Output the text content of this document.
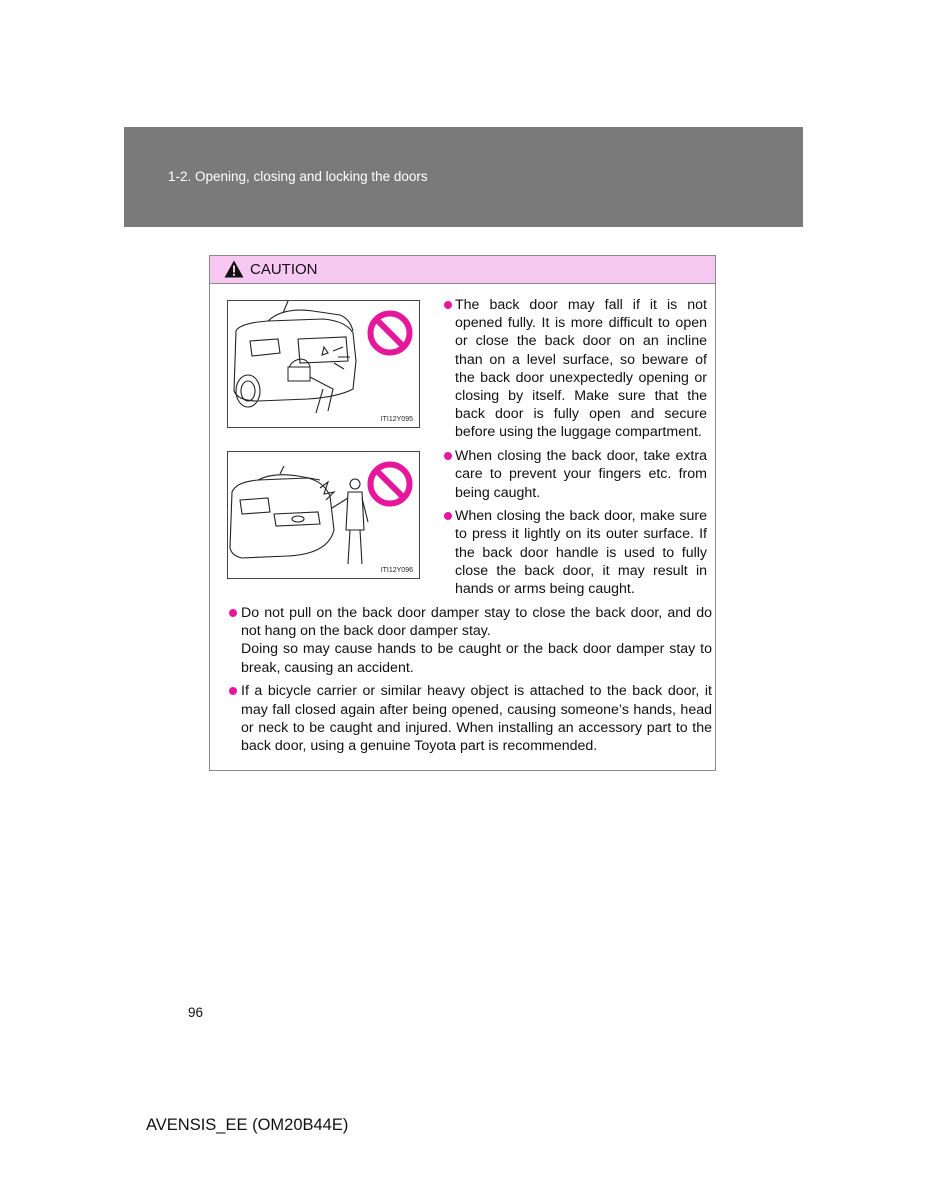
1-2. Opening, closing and locking the doors
CAUTION
ITI12Y095
ITI12Y096
The back door may fall if it is not opened fully. It is more difficult to open or close the back door on an incline than on a level surface, so beware of the back door unexpectedly opening or closing by itself. Make sure that the back door is fully open and secure before using the luggage compartment.
When closing the back door, take extra care to prevent your fingers etc. from being caught.
When closing the back door, make sure to press it lightly on its outer surface. If the back door handle is used to fully close the back door, it may result in hands or arms being caught.
Do not pull on the back door damper stay to close the back door, and do not hang on the back door damper stay.
Doing so may cause hands to be caught or the back door damper stay to break, causing an accident.
If a bicycle carrier or similar heavy object is attached to the back door, it may fall closed again after being opened, causing someone’s hands, head or neck to be caught and injured. When installing an accessory part to the back door, using a genuine Toyota part is recommended.
96
AVENSIS_EE (OM20B44E)
